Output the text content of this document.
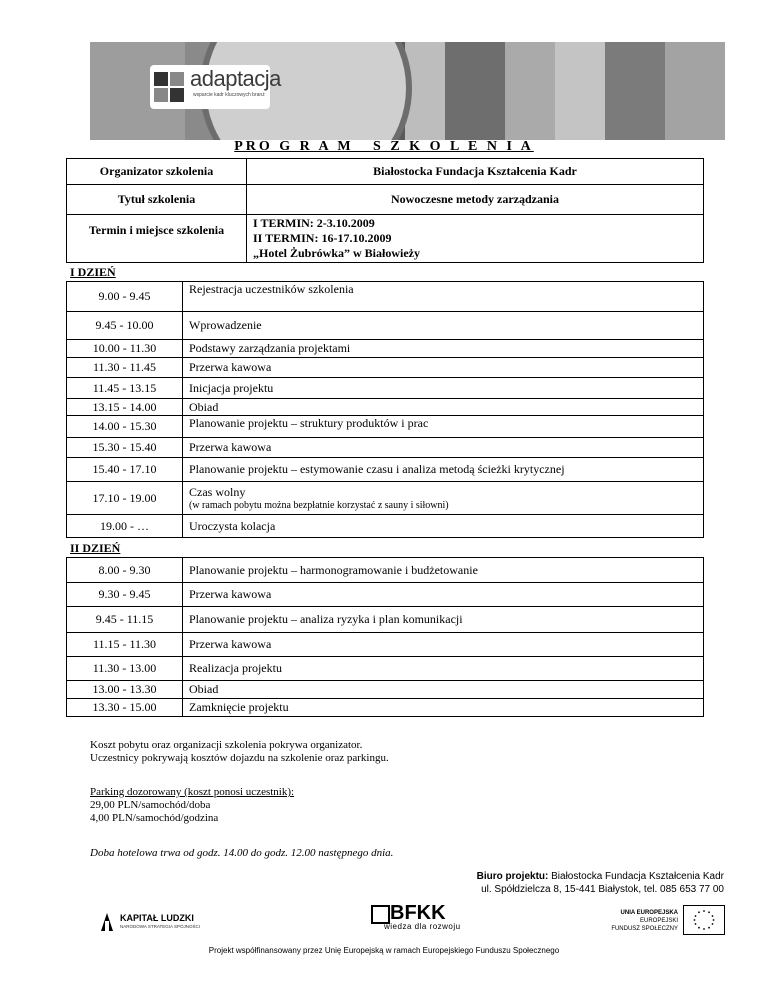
adaptacja
wsparcie kadr kluczowych branż
PRO G R A M   S Z K O L E N I A
Organizator szkolenia	Białostocka Fundacja Kształcenia Kadr
Tytuł szkolenia	Nowoczesne metody zarządzania
Termin i miejsce szkolenia	I TERMIN: 2-3.10.2009
II TERMIN: 16-17.10.2009
„Hotel Żubrówka” w Białowieży
I DZIEŃ
9.00 - 9.45	Rejestracja uczestników szkolenia
9.45 - 10.00	Wprowadzenie
10.00 - 11.30	Podstawy zarządzania projektami
11.30 - 11.45	Przerwa kawowa
11.45 - 13.15	Inicjacja projektu
13.15 - 14.00	Obiad
14.00 - 15.30	Planowanie projektu – struktury produktów i prac
15.30 - 15.40	Przerwa kawowa
15.40 - 17.10	Planowanie projektu – estymowanie czasu i analiza metodą ścieżki krytycznej
17.10 - 19.00	Czas wolny
(w ramach pobytu można bezpłatnie korzystać z sauny i siłowni)

19.00 - …	Uroczysta kolacja
II DZIEŃ
8.00 - 9.30	Planowanie projektu – harmonogramowanie i budżetowanie
9.30 - 9.45	Przerwa kawowa
9.45 - 11.15	Planowanie projektu – analiza ryzyka i plan komunikacji
11.15 - 11.30	Przerwa kawowa
11.30 - 13.00	Realizacja projektu
13.00 - 13.30	Obiad
13.30 - 15.00	Zamknięcie projektu
Koszt pobytu oraz organizacji szkolenia pokrywa organizator.
Uczestnicy pokrywają kosztów dojazdu na szkolenie oraz parkingu.
Parking dozorowany (koszt ponosi uczestnik):
29,00 PLN/samochód/doba
4,00 PLN/samochód/godzina
Doba hotelowa trwa od godz. 14.00 do godz. 12.00 następnego dnia.
Biuro projektu: Białostocka Fundacja Kształcenia Kadr
ul. Spółdzielcza 8, 15-441 Białystok, tel. 085 653 77 00
KAPITAŁ LUDZKI
NARODOWA STRATEGIA SPÓJNOŚCI
BFKK
wiedza dla rozwoju
UNIA EUROPEJSKA
EUROPEJSKI
FUNDUSZ SPOŁECZNY
Projekt współfinansowany przez Unię Europejską w ramach Europejskiego Funduszu Społecznego
